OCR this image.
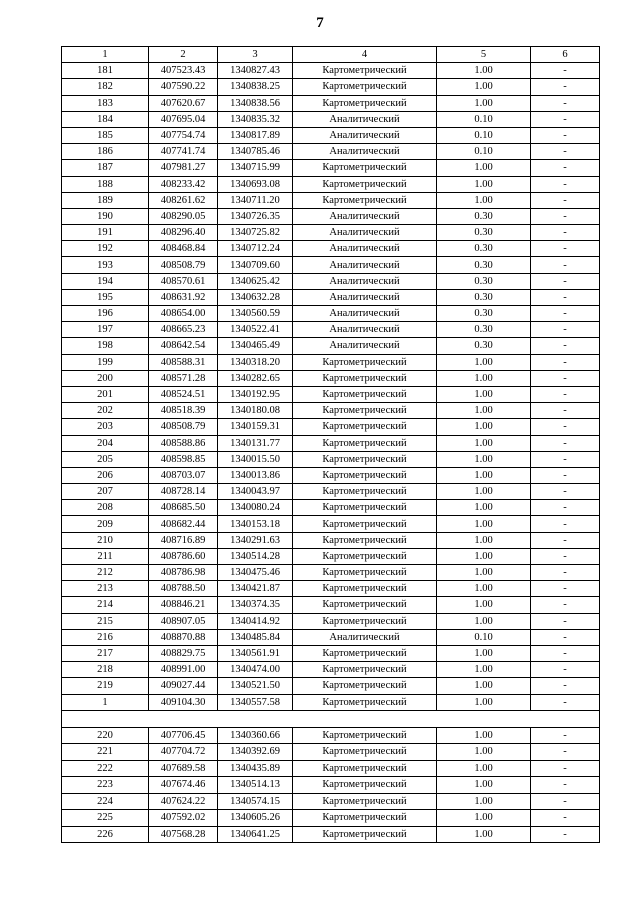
7
1	2	3	4	5	6
181	407523.43	1340827.43	Картометрический	1.00	-
182	407590.22	1340838.25	Картометрический	1.00	-
183	407620.67	1340838.56	Картометрический	1.00	-
184	407695.04	1340835.32	Аналитический	0.10	-
185	407754.74	1340817.89	Аналитический	0.10	-
186	407741.74	1340785.46	Аналитический	0.10	-
187	407981.27	1340715.99	Картометрический	1.00	-
188	408233.42	1340693.08	Картометрический	1.00	-
189	408261.62	1340711.20	Картометрический	1.00	-
190	408290.05	1340726.35	Аналитический	0.30	-
191	408296.40	1340725.82	Аналитический	0.30	-
192	408468.84	1340712.24	Аналитический	0.30	-
193	408508.79	1340709.60	Аналитический	0.30	-
194	408570.61	1340625.42	Аналитический	0.30	-
195	408631.92	1340632.28	Аналитический	0.30	-
196	408654.00	1340560.59	Аналитический	0.30	-
197	408665.23	1340522.41	Аналитический	0.30	-
198	408642.54	1340465.49	Аналитический	0.30	-
199	408588.31	1340318.20	Картометрический	1.00	-
200	408571.28	1340282.65	Картометрический	1.00	-
201	408524.51	1340192.95	Картометрический	1.00	-
202	408518.39	1340180.08	Картометрический	1.00	-
203	408508.79	1340159.31	Картометрический	1.00	-
204	408588.86	1340131.77	Картометрический	1.00	-
205	408598.85	1340015.50	Картометрический	1.00	-
206	408703.07	1340013.86	Картометрический	1.00	-
207	408728.14	1340043.97	Картометрический	1.00	-
208	408685.50	1340080.24	Картометрический	1.00	-
209	408682.44	1340153.18	Картометрический	1.00	-
210	408716.89	1340291.63	Картометрический	1.00	-
211	408786.60	1340514.28	Картометрический	1.00	-
212	408786.98	1340475.46	Картометрический	1.00	-
213	408788.50	1340421.87	Картометрический	1.00	-
214	408846.21	1340374.35	Картометрический	1.00	-
215	408907.05	1340414.92	Картометрический	1.00	-
216	408870.88	1340485.84	Аналитический	0.10	-
217	408829.75	1340561.91	Картометрический	1.00	-
218	408991.00	1340474.00	Картометрический	1.00	-
219	409027.44	1340521.50	Картометрический	1.00	-
1	409104.30	1340557.58	Картометрический	1.00	-

220	407706.45	1340360.66	Картометрический	1.00	-
221	407704.72	1340392.69	Картометрический	1.00	-
222	407689.58	1340435.89	Картометрический	1.00	-
223	407674.46	1340514.13	Картометрический	1.00	-
224	407624.22	1340574.15	Картометрический	1.00	-
225	407592.02	1340605.26	Картометрический	1.00	-
226	407568.28	1340641.25	Картометрический	1.00	-
